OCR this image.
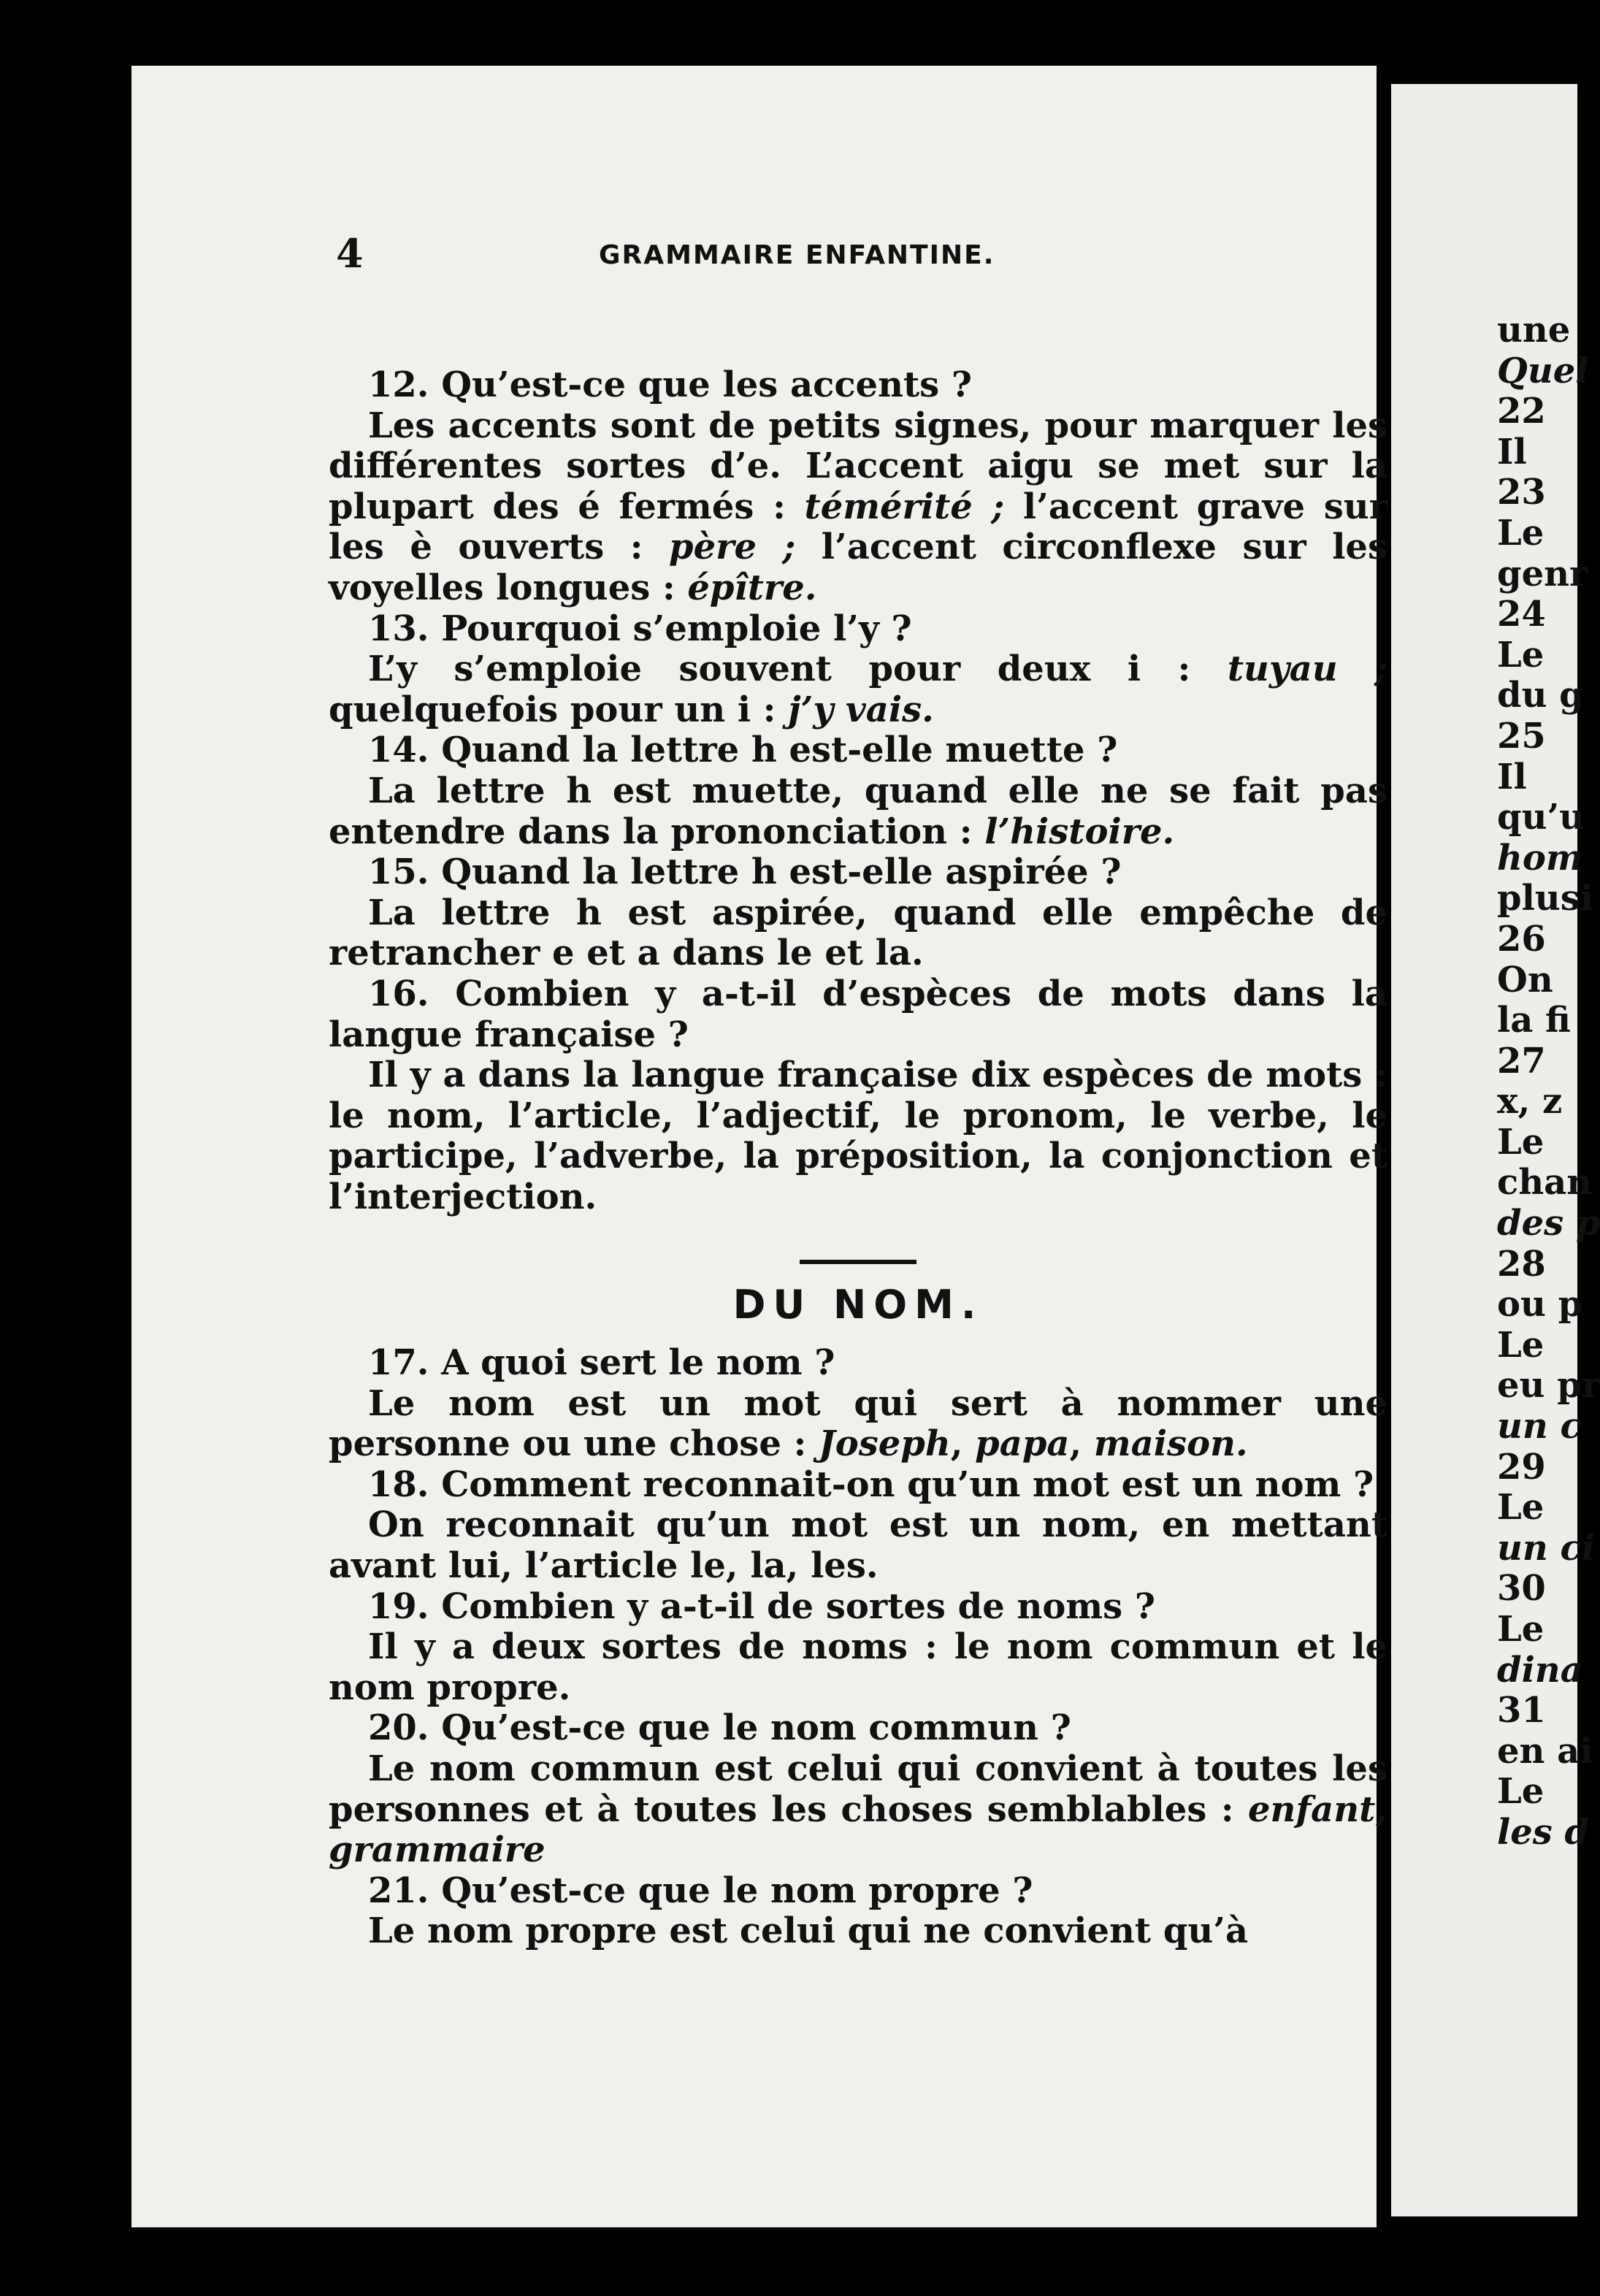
4	GRAMMAIRE ENFANTINE.

12. Qu’est-ce que les accents ?

Les accents sont de petits signes, pour marquer les différentes sortes d’e. L’accent aigu se met sur la plupart des é fermés : témérité ; l’accent grave sur les è ouverts : père ; l’accent circonflexe sur les voyelles longues : épître.

13. Pourquoi s’emploie l’y ?

L’y s’emploie souvent pour deux i : tuyau ; quelquefois pour un i : j’y vais.

14. Quand la lettre h est-elle muette ?

La lettre h est muette, quand elle ne se fait pas entendre dans la prononciation : l’histoire.

15. Quand la lettre h est-elle aspirée ?

La lettre h est aspirée, quand elle empêche de retrancher e et a dans le et la.

16. Combien y a-t-il d’espèces de mots dans la langue française ?

Il y a dans la langue française dix espèces de mots : le nom, l’article, l’adjectif, le pronom, le verbe, le participe, l’adverbe, la préposition, la conjonction et l’interjection.

DU NOM.

17. A quoi sert le nom ?

Le nom est un mot qui sert à nommer une personne ou une chose : Joseph, papa, maison.

18. Comment reconnait-on qu’un mot est un nom ?

On reconnait qu’un mot est un nom, en mettant avant lui, l’article le, la, les.

19. Combien y a-t-il de sortes de noms ?

Il y a deux sortes de noms : le nom commun et le nom propre.

20. Qu’est-ce que le nom commun ?

Le nom commun est celui qui convient à toutes les personnes et à toutes les choses semblables : enfant, grammaire

21. Qu’est-ce que le nom propre ?

Le nom propre est celui qui ne convient qu’à

une
Quel
22
Il
23
Le
genr
24
Le
du g
25
Il
qu’u
hom
plusi
26
On
la fi
27
x, z
Le
chan
des p
28
ou p
Le
eu pr
un c
29
Le
un ci
30
Le
dina
31
en ai
Le
les d
